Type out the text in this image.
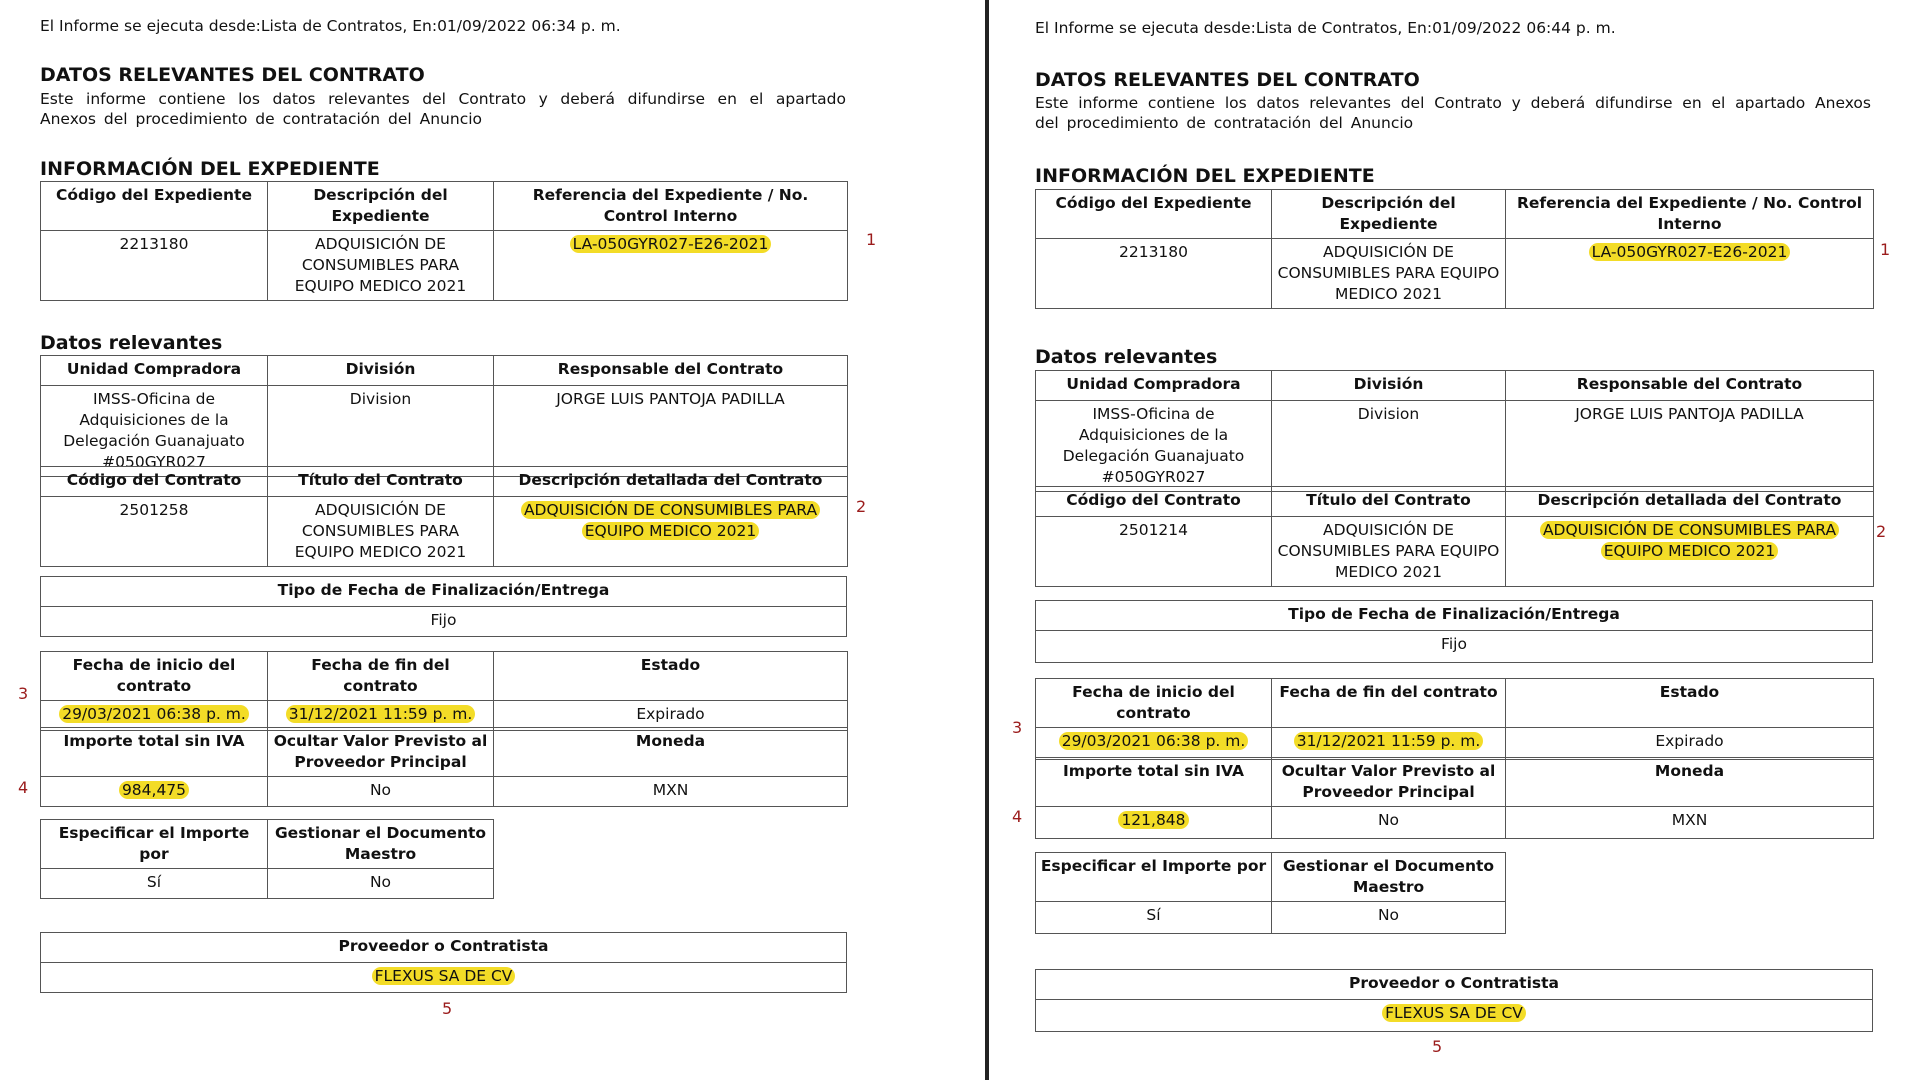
El Informe se ejecuta desde:Lista de Contratos, En:01/09/2022 06:34 p. m.
DATOS RELEVANTES DEL CONTRATO
Este informe contiene los datos relevantes del Contrato y deberá difundirse en el apartado Anexos del procedimiento de contratación del Anuncio
INFORMACIÓN DEL EXPEDIENTE
Código del Expediente	Descripción del Expediente	Referencia del Expediente / No. Control Interno
2213180	ADQUISICIÓN DE CONSUMIBLES PARA EQUIPO MEDICO 2021	LA-050GYR027-E26-2021	1
Datos relevantes
Unidad Compradora	División	Responsable del Contrato
IMSS-Oficina de Adquisiciones de la Delegación Guanajuato #050GYR027	Division	JORGE LUIS PANTOJA PADILLA
Código del Contrato	Título del Contrato	Descripción detallada del Contrato
2501258	ADQUISICIÓN DE CONSUMIBLES PARA EQUIPO MEDICO 2021	ADQUISICIÓN DE CONSUMIBLES PARA EQUIPO MEDICO 2021
2
Tipo de Fecha de Finalización/Entrega
Fijo
Fecha de inicio del contrato	Fecha de fin del contrato	Estado
29/03/2021 06:38 p. m.	31/12/2021 11:59 p. m.	Expirado
3
Importe total sin IVA	Ocultar Valor Previsto al Proveedor Principal	Moneda
984,475	No	MXN
4
Especificar el Importe por	Gestionar el Documento Maestro
Sí	No
Proveedor o Contratista
FLEXUS SA DE CV
5
El Informe se ejecuta desde:Lista de Contratos, En:01/09/2022 06:44 p. m.
DATOS RELEVANTES DEL CONTRATO
Este informe contiene los datos relevantes del Contrato y deberá difundirse en el apartado Anexos del procedimiento de contratación del Anuncio
INFORMACIÓN DEL EXPEDIENTE
Código del Expediente	Descripción del Expediente	Referencia del Expediente / No. Control Interno
2213180	ADQUISICIÓN DE CONSUMIBLES PARA EQUIPO MEDICO 2021	LA-050GYR027-E26-2021	1
Datos relevantes
Unidad Compradora	División	Responsable del Contrato
IMSS-Oficina de Adquisiciones de la Delegación Guanajuato #050GYR027	Division	JORGE LUIS PANTOJA PADILLA
Código del Contrato	Título del Contrato	Descripción detallada del Contrato
2501214	ADQUISICIÓN DE CONSUMIBLES PARA EQUIPO MEDICO 2021	ADQUISICIÓN DE CONSUMIBLES PARA EQUIPO MEDICO 2021
2
Tipo de Fecha de Finalización/Entrega
Fijo
Fecha de inicio del contrato	Fecha de fin del contrato	Estado
29/03/2021 06:38 p. m.	31/12/2021 11:59 p. m.	Expirado
3
Importe total sin IVA	Ocultar Valor Previsto al Proveedor Principal	Moneda
121,848	No	MXN
4
Especificar el Importe por	Gestionar el Documento Maestro
Sí	No
Proveedor o Contratista
FLEXUS SA DE CV
5
